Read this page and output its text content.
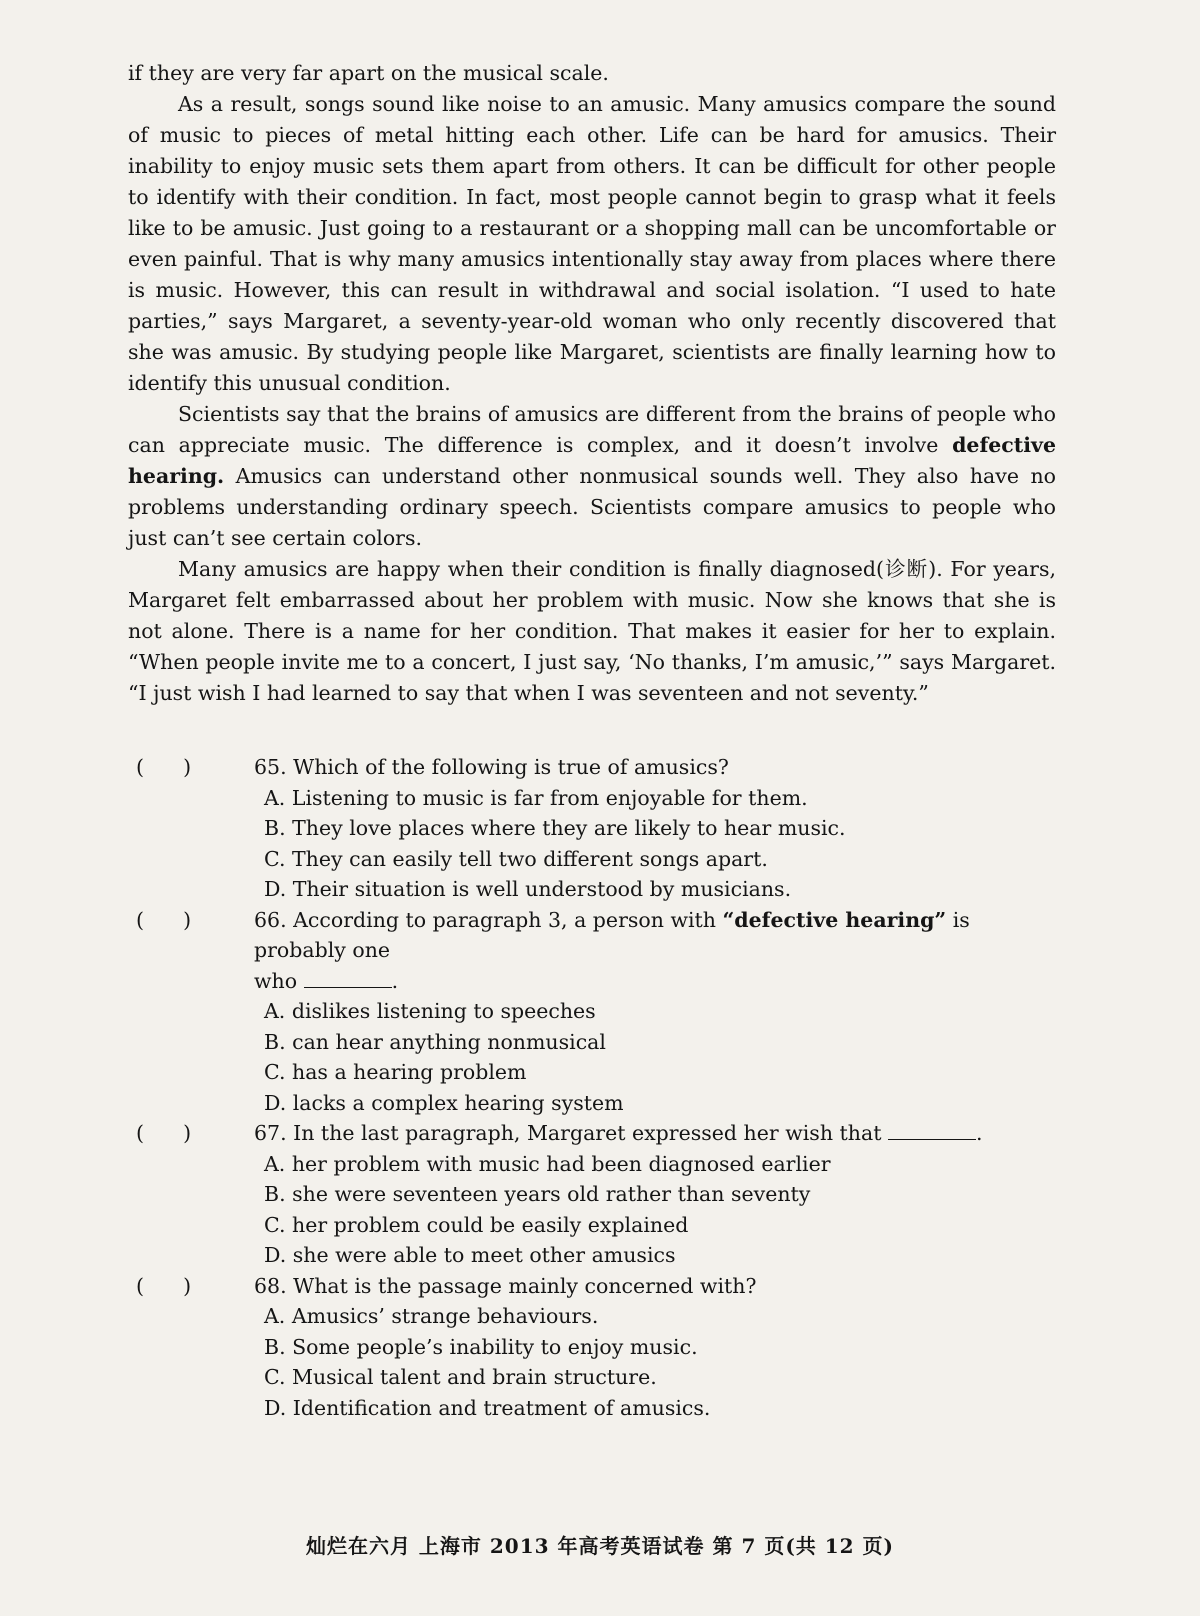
if they are very far apart on the musical scale.

As a result, songs sound like noise to an amusic. Many amusics compare the sound of music to pieces of metal hitting each other. Life can be hard for amusics. Their inability to enjoy music sets them apart from others. It can be difficult for other people to identify with their condition. In fact, most people cannot begin to grasp what it feels like to be amusic. Just going to a restaurant or a shopping mall can be uncomfortable or even painful. That is why many amusics intentionally stay away from places where there is music. However, this can result in withdrawal and social isolation. “I used to hate parties,” says Margaret, a seventy-year-old woman who only recently discovered that she was amusic. By studying people like Margaret, scientists are finally learning how to identify this unusual condition.

Scientists say that the brains of amusics are different from the brains of people who can appreciate music. The difference is complex, and it doesn’t involve defective hearing. Amusics can understand other nonmusical sounds well. They also have no problems understanding ordinary speech. Scientists compare amusics to people who just can’t see certain colors.

Many amusics are happy when their condition is finally diagnosed(诊断). For years, Margaret felt embarrassed about her problem with music. Now she knows that she is not alone. There is a name for her condition. That makes it easier for her to explain. “When people invite me to a concert, I just say, ‘No thanks, I’m amusic,’” says Margaret. “I just wish I had learned to say that when I was seventeen and not seventy.”

(      )	65. Which of the following is true of amusics?
A. Listening to music is far from enjoyable for them.
B. They love places where they are likely to hear music.
C. They can easily tell two different songs apart.
D. Their situation is well understood by musicians.
(      )	66. According to paragraph 3, a person with “defective hearing” is probably one
who	.
A. dislikes listening to speeches
B. can hear anything nonmusical
C. has a hearing problem
D. lacks a complex hearing system
(      )	67. In the last paragraph, Margaret expressed her wish that	.
A. her problem with music had been diagnosed earlier
B. she were seventeen years old rather than seventy
C. her problem could be easily explained
D. she were able to meet other amusics
(      )	68. What is the passage mainly concerned with?
A. Amusics’ strange behaviours.
B. Some people’s inability to enjoy music.
C. Musical talent and brain structure.
D. Identification and treatment of amusics.
灿烂在六月 上海市 2013 年高考英语试卷 第 7 页(共 12 页)
